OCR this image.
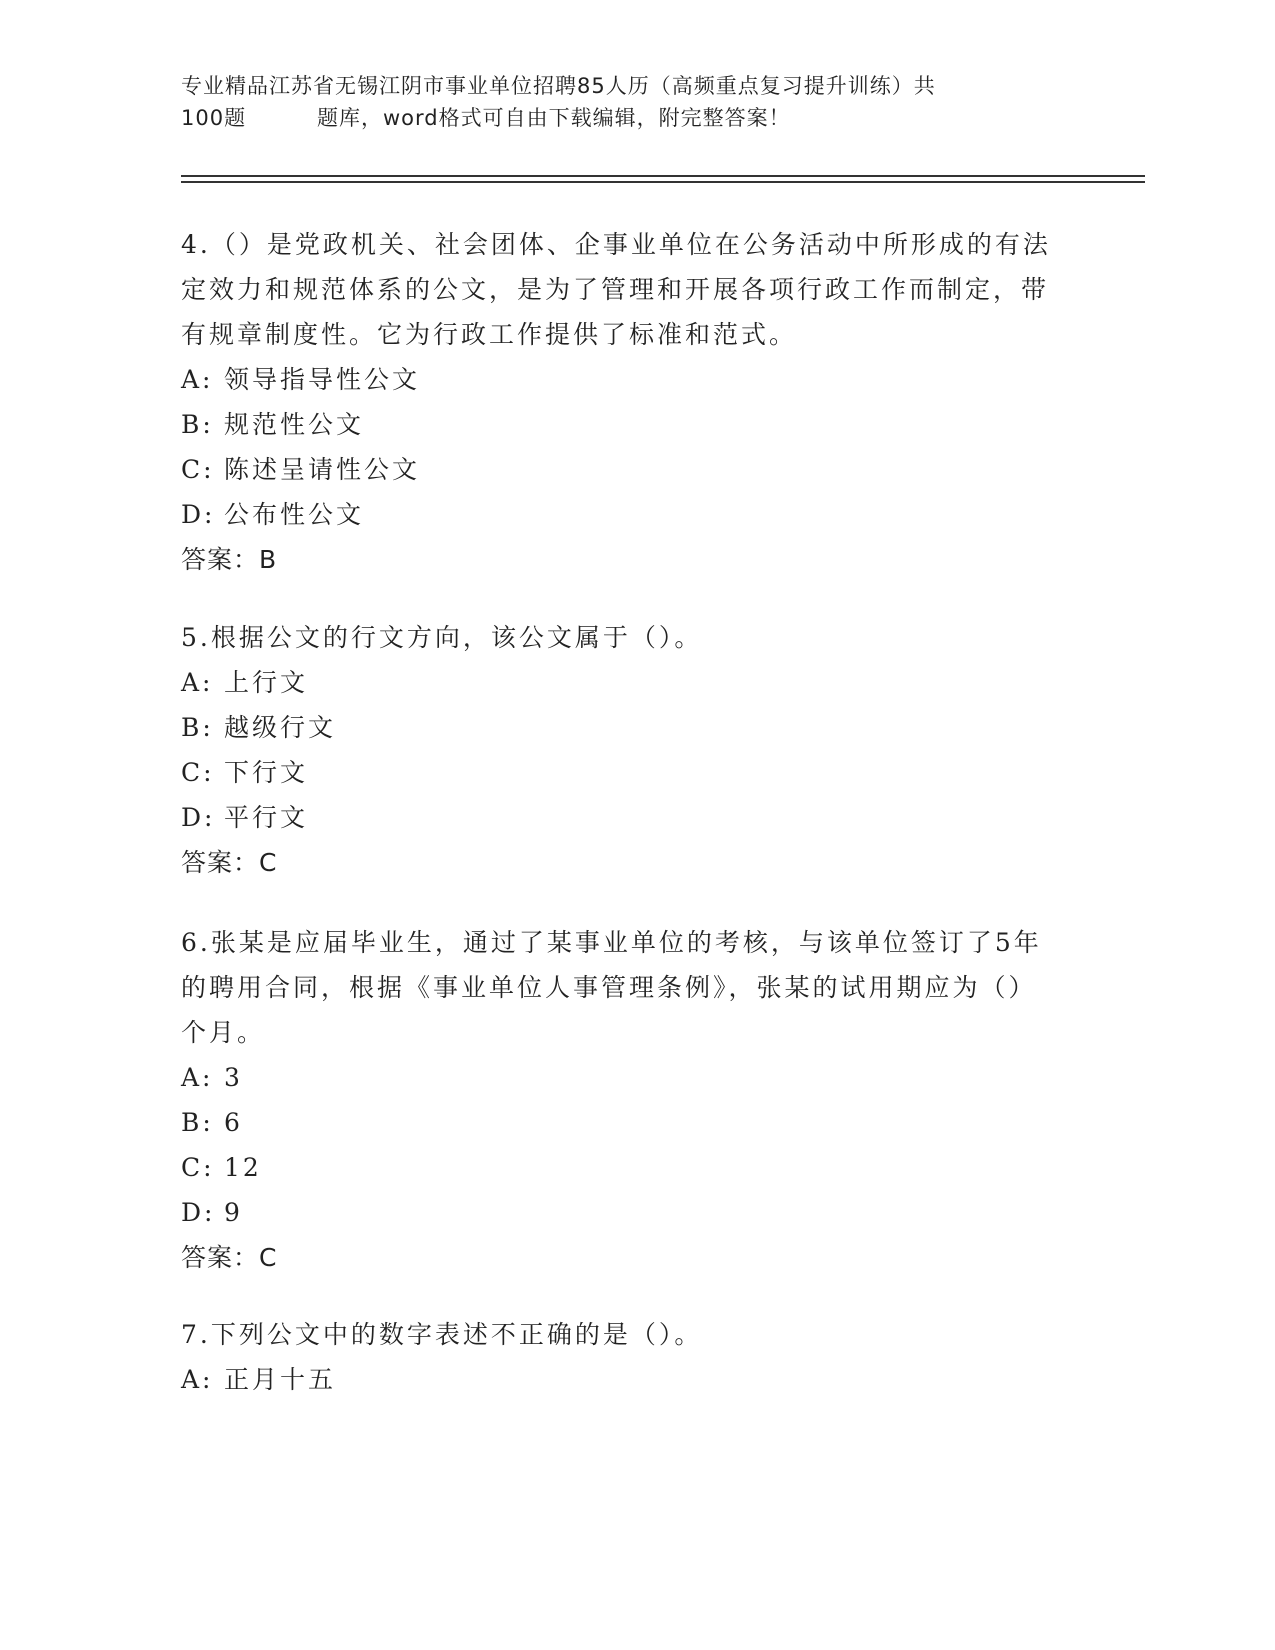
专业精品江苏省无锡江阴市事业单位招聘85人历（高频重点复习提升训练）共
100题	题库，word格式可自由下载编辑，附完整答案！

4.（）是党政机关、社会团体、企事业单位在公务活动中所形成的有法定效力和规范体系的公文，是为了管理和开展各项行政工作而制定，带有规章制度性。它为行政工作提供了标准和范式。

A: 领导指导性公文

B: 规范性公文

C: 陈述呈请性公文

D: 公布性公文

答案：B

5.根据公文的行文方向，该公文属于（）。

A: 上行文

B: 越级行文

C: 下行文

D: 平行文

答案：C

6.张某是应届毕业生，通过了某事业单位的考核，与该单位签订了5年的聘用合同，根据《事业单位人事管理条例》，张某的试用期应为（）个月。

A: 3

B: 6

C: 12

D: 9

答案：C

7.下列公文中的数字表述不正确的是（）。

A: 正月十五
